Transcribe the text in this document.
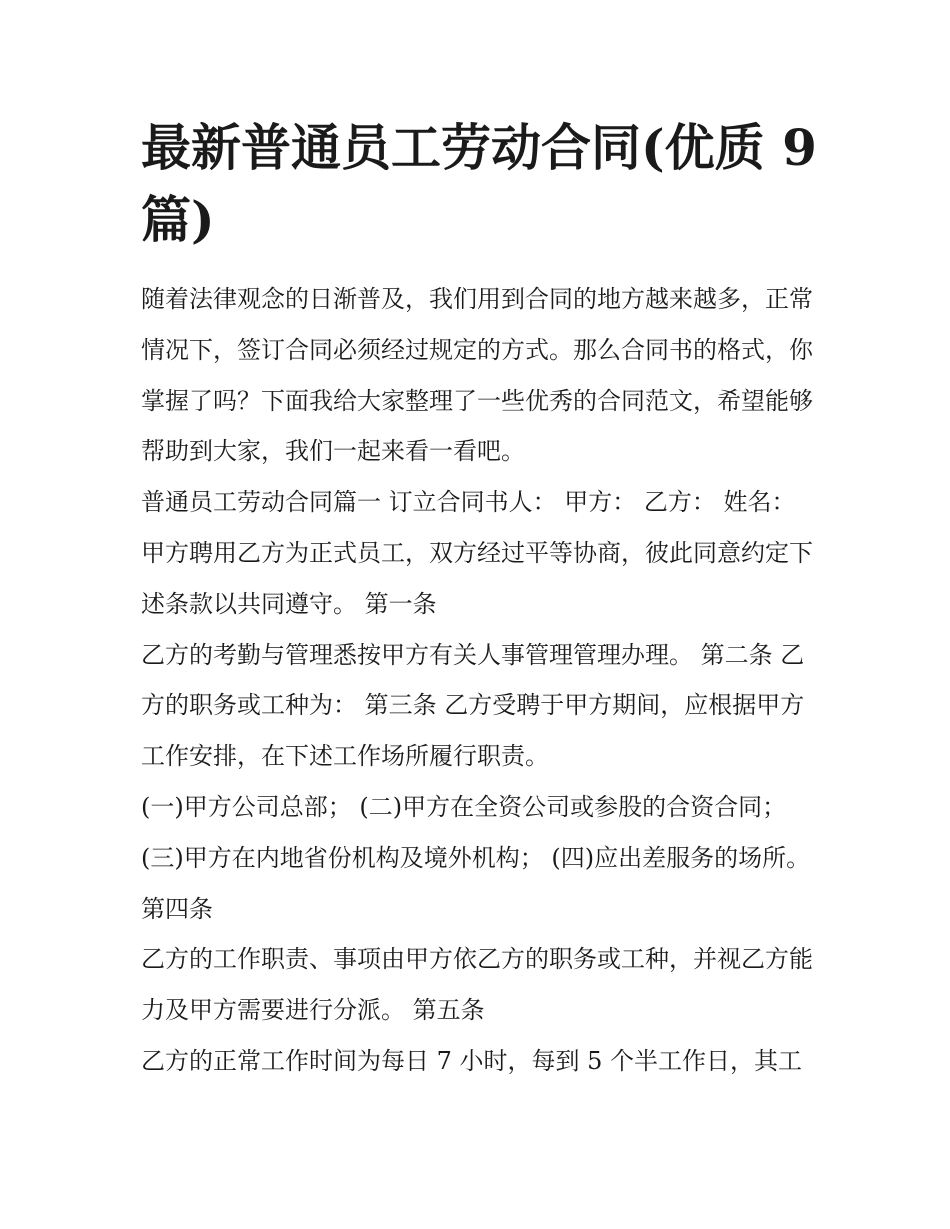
最新普通员工劳动合同(优质 9 篇)

随着法律观念的日渐普及，我们用到合同的地方越来越多，正常情况下，签订合同必须经过规定的方式。那么合同书的格式，你掌握了吗？下面我给大家整理了一些优秀的合同范文，希望能够帮助到大家，我们一起来看一看吧。

普通员工劳动合同篇一 订立合同书人： 甲方： 乙方： 姓名： 甲方聘用乙方为正式员工，双方经过平等协商，彼此同意约定下述条款以共同遵守。 第一条

乙方的考勤与管理悉按甲方有关人事管理管理办理。 第二条 乙方的职务或工种为： 第三条 乙方受聘于甲方期间，应根据甲方工作安排，在下述工作场所履行职责。

(一)甲方公司总部； (二)甲方在全资公司或参股的合资合同；(三)甲方在内地省份机构及境外机构； (四)应出差服务的场所。 第四条

乙方的工作职责、事项由甲方依乙方的职务或工种，并视乙方能力及甲方需要进行分派。 第五条

乙方的正常工作时间为每日 7 小时，每到 5 个半工作日，其工
